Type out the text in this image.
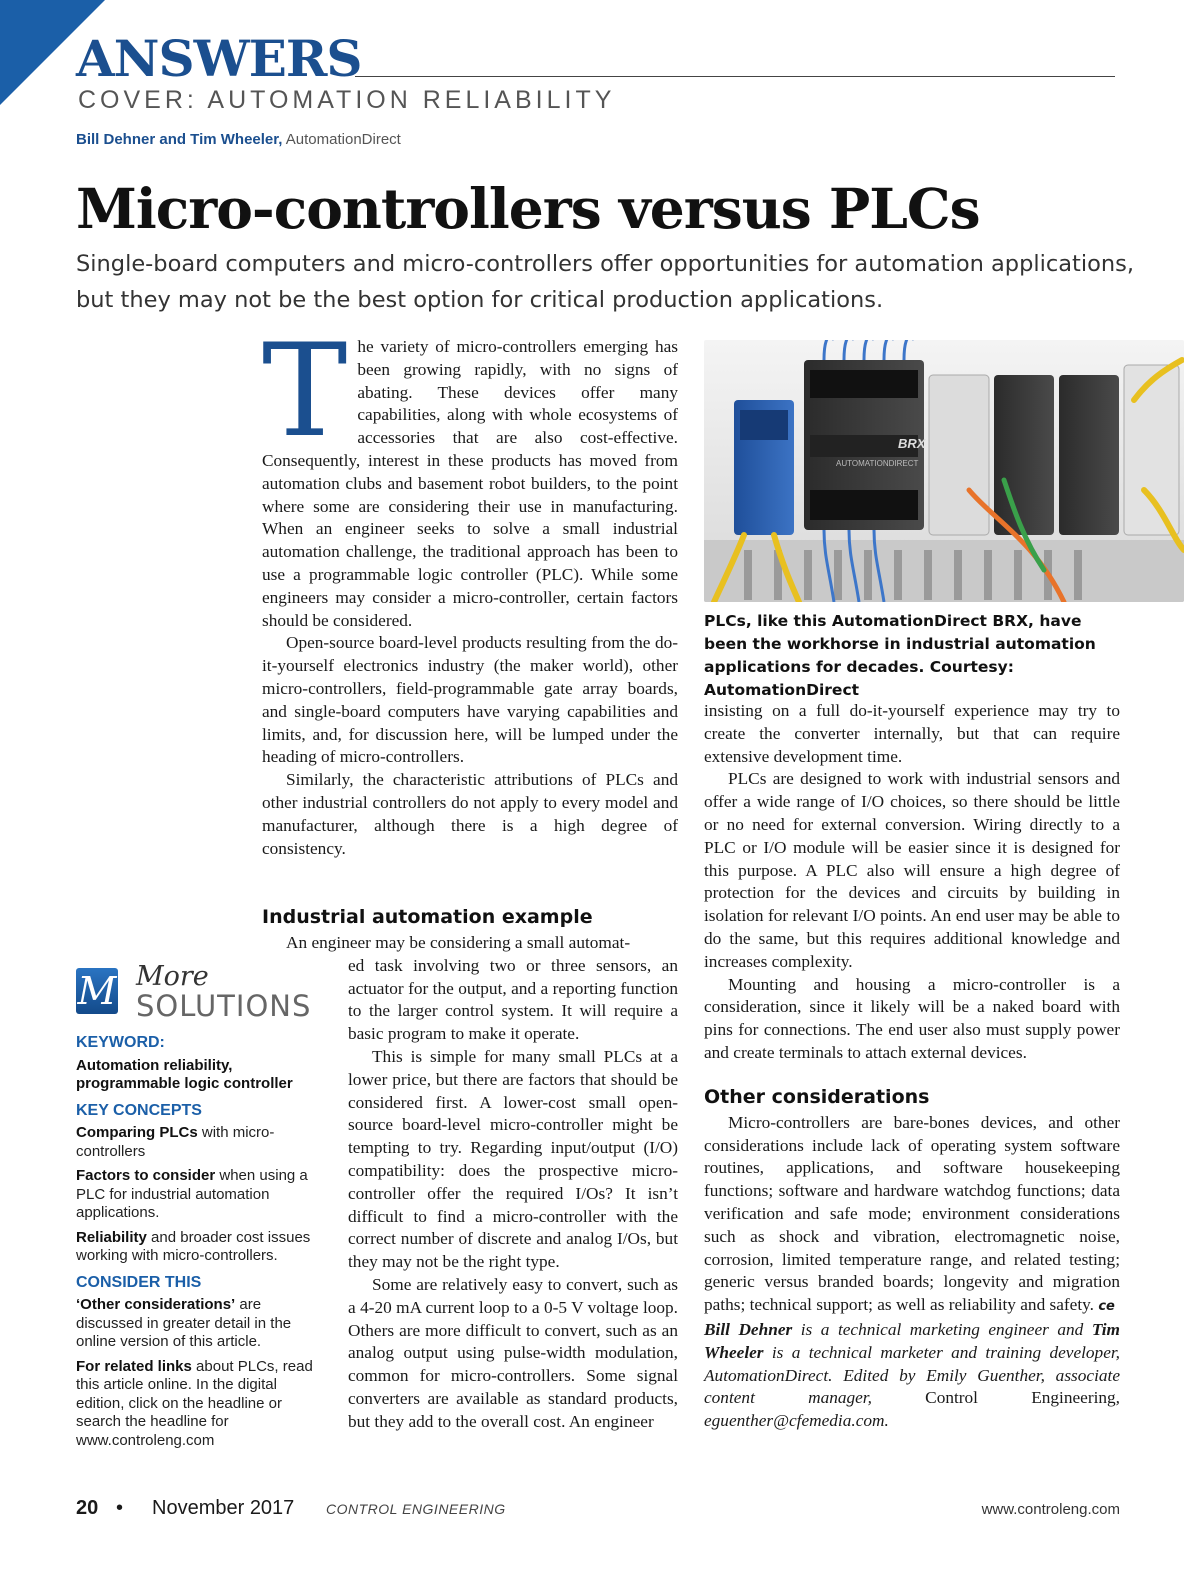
ANSWERS
COVER: AUTOMATION RELIABILITY
Bill Dehner and Tim Wheeler, AutomationDirect
Micro-controllers versus PLCs
Single-board computers and micro-controllers offer opportunities for automation applications, but they may not be the best option for critical production applications.
T he variety of micro-controllers emerging has been growing rapidly, with no signs of abating. These devices offer many capabilities, along with whole ecosystems of accessories that are also cost-effective. Consequently, interest in these products has moved from automation clubs and basement robot builders, to the point where some are considering their use in manufacturing. When an engineer seeks to solve a small industrial automation challenge, the traditional approach has been to use a programmable logic controller (PLC). While some engineers may consider a micro-controller, certain factors should be considered.

Open-source board-level products resulting from the do-it-yourself electronics industry (the maker world), other micro-controllers, field-programmable gate array boards, and single-board computers have varying capabilities and limits, and, for discussion here, will be lumped under the heading of micro-controllers.

Similarly, the characteristic attributions of PLCs and other industrial controllers do not apply to every model and manufacturer, although there is a high degree of consistency.

Industrial automation example

An engineer may be considering a small automat-

ed task involving two or three sensors, an actuator for the output, and a reporting function to the larger control system. It will require a basic program to make it operate.

This is simple for many small PLCs at a lower price, but there are factors that should be considered first. A lower-cost small open-source board-level micro-controller might be tempting to try. Regarding input/output (I/O) compatibility: does the prospective micro-controller offer the required I/Os? It isn’t difficult to find a micro-controller with the correct number of discrete and analog I/Os, but they may not be the right type.

Some are relatively easy to convert, such as a 4-20 mA current loop to a 0-5 V voltage loop. Others are more difficult to convert, such as an analog output using pulse-width modulation, common for micro-controllers. Some signal converters are available as standard products, but they add to the overall cost. An engineer

M More
SOLUTIONS
KEYWORD:
Automation reliability, programmable logic controller
KEY CONCEPTS
Comparing PLCs with micro-controllers
Factors to consider when using a PLC for industrial automation applications.
Reliability and broader cost issues working with micro-controllers.
CONSIDER THIS
‘Other considerations’ are discussed in greater detail in the online version of this article.
For related links about PLCs, read this article online. In the digital edition, click on the headline or search the headline for www.controleng.com
AUTOMATIONDIRECT
BRX
PLCs, like this AutomationDirect BRX, have been the workhorse in industrial automation applications for decades. Courtesy: AutomationDirect

insisting on a full do-it-yourself experience may try to create the converter internally, but that can require extensive development time.

PLCs are designed to work with industrial sensors and offer a wide range of I/O choices, so there should be little or no need for external conversion. Wiring directly to a PLC or I/O module will be easier since it is designed for this purpose. A PLC also will ensure a high degree of protection for the devices and circuits by building in isolation for relevant I/O points. An end user may be able to do the same, but this requires additional knowledge and increases complexity.

Mounting and housing a micro-controller is a consideration, since it likely will be a naked board with pins for connections. The end user also must supply power and create terminals to attach external devices.

Other considerations

Micro-controllers are bare-bones devices, and other considerations include lack of operating system software routines, applications, and software housekeeping functions; software and hardware watchdog functions; data verification and safe mode; environment considerations such as shock and vibration, electromagnetic noise, corrosion, limited temperature range, and related testing; generic versus branded boards; longevity and migration paths; technical support; as well as reliability and safety. ce

Bill Dehner is a technical marketing engineer and Tim Wheeler is a technical marketer and training developer, AutomationDirect. Edited by Emily Guenther, associate content manager, Control Engineering, eguenther@cfemedia.com.

20 • November 2017 CONTROL ENGINEERING	www.controleng.com
